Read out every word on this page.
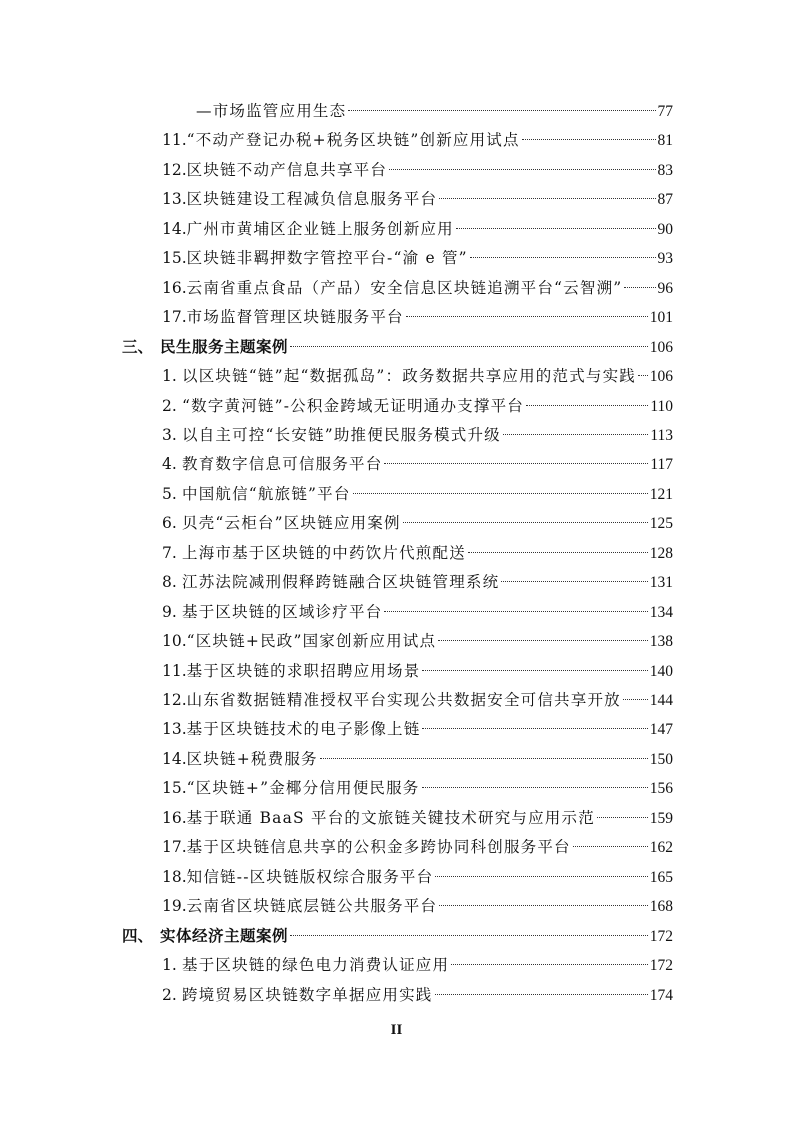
—市场监管应用生态	77
11. “不动产登记办税+税务区块链”创新应用试点	81
12. 区块链不动产信息共享平台	83
13. 区块链建设工程减负信息服务平台	87
14. 广州市黄埔区企业链上服务创新应用	90
15. 区块链非羁押数字管控平台-“渝 e 管”	93
16. 云南省重点食品（产品）安全信息区块链追溯平台“云智溯” 96
17. 市场监督管理区块链服务平台	101
三、 民生服务主题案例	106
1. 以区块链“链”起“数据孤岛”：政务数据共享应用的范式与实践 106
2. “数字黄河链”-公积金跨域无证明通办支撑平台	110
3. 以自主可控“长安链”助推便民服务模式升级	113
4. 教育数字信息可信服务平台	117
5. 中国航信“航旅链”平台	121
6. 贝壳“云柜台”区块链应用案例	125
7. 上海市基于区块链的中药饮片代煎配送	128
8. 江苏法院减刑假释跨链融合区块链管理系统	131
9. 基于区块链的区域诊疗平台	134
10. “区块链+民政”国家创新应用试点	138
11. 基于区块链的求职招聘应用场景	140
12. 山东省数据链精准授权平台实现公共数据安全可信共享开放 144
13. 基于区块链技术的电子影像上链	147
14. 区块链+税费服务	150
15. “区块链+”金椰分信用便民服务	156
16. 基于联通 BaaS 平台的文旅链关键技术研究与应用示范	159
17. 基于区块链信息共享的公积金多跨协同科创服务平台	162
18. 知信链--区块链版权综合服务平台	165
19. 云南省区块链底层链公共服务平台	168
四、 实体经济主题案例	172
1. 基于区块链的绿色电力消费认证应用	172
2. 跨境贸易区块链数字单据应用实践	174
II
